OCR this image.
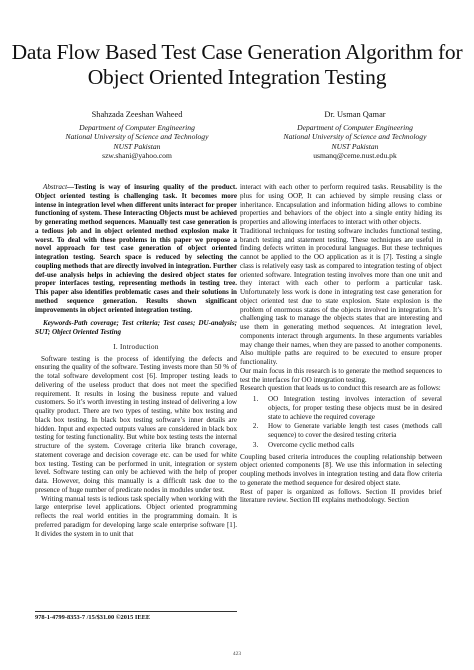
Data Flow Based Test Case Generation Algorithm for Object Oriented Integration Testing
Shahzada Zeeshan Waheed
Department of Computer Engineering
National University of Science and Technology
NUST Pakistan
szw.shani@yahoo.com
Dr. Usman Qamar
Department of Computer Engineering
National University of Science and Technology
NUST Pakistan
usmanq@ceme.nust.edu.pk

Abstract—Testing is way of insuring quality of the product. Object oriented testing is challenging task. It becomes more intense in integration level when different units interact for proper functioning of system. These Interacting Objects must be achieved by generating method sequences. Manually test case generation is a tedious job and in object oriented method explosion make it worst. To deal with these problems in this paper we propose a novel approach for test case generation of object oriented integration testing. Search space is reduced by selecting the coupling methods that are directly involved in integration. Further def-use analysis helps in achieving the desired object states for proper interfaces testing, representing methods in testing tree. This paper also identifies problematic cases and their solutions in method sequence generation. Results shown significant improvements in object oriented integration testing.

Keywords-Path coverage; Test criteria; Test cases; DU-analysis; SUT; Object Oriented Testing

I. Introduction

Software testing is the process of identifying the defects and ensuring the quality of the software. Testing invests more than 50 % of the total software development cost [6]. Improper testing leads to delivering of the useless product that does not meet the specified requirement. It results in losing the business repute and valued customers. So it’s worth investing in testing instead of delivering a low quality product. There are two types of testing, white box testing and black box testing. In black box testing software’s inner details are hidden. Input and expected outputs values are considered in black box testing for testing functionality. But white box testing tests the internal structure of the system. Coverage criteria like branch coverage, statement coverage and decision coverage etc. can be used for white box testing. Testing can be performed in unit, integration or system level. Software testing can only be achieved with the help of proper data. However, doing this manually is a difficult task due to the presence of huge number of predicate nodes in modules under test.

Writing manual tests is tedious task specially when working with the large enterprise level applications. Object oriented programming reflects the real world entities in the programming domain. It is preferred paradigm for developing large scale enterprise software [1]. It divides the system in to unit that

interact with each other to perform required tasks. Reusability is the plus for using OOP, It can achieved by simple reusing class or inheritance. Encapsulation and information hiding allows to combine properties and behaviors of the object into a single entity hiding its properties and allowing interfaces to interact with other objects.

Traditional techniques for testing software includes functional testing, branch testing and statement testing. These techniques are useful in finding defects written in procedural languages. But these techniques cannot be applied to the OO application as it is [7]. Testing a single class is relatively easy task as compared to integration testing of object oriented software. Integration testing involves more than one unit and they interact with each other to perform a particular task. Unfortunately less work is done in integrating test case generation for object oriented test due to state explosion. State explosion is the problem of enormous states of the objects involved in integration. It’s challenging task to manage the objects states that are interesting and use them in generating method sequences. At integration level, components interact through arguments. In these arguments variables may change their names, when they are passed to another components. Also multiple paths are required to be executed to ensure proper functionality.

Our main focus in this research is to generate the method sequences to test the interfaces for OO integration testing.

Research question that leads us to conduct this research are as follows:

1. OO Integration testing involves interaction of several objects, for proper testing these objects must be in desired state to achieve the required coverage
2. How to Generate variable length test cases (methods call sequence) to cover the desired testing criteria
3. Overcome cyclic method calls

Coupling based criteria introduces the coupling relationship between object oriented components [8]. We use this information in selecting coupling methods involves in integration testing and data flow criteria to generate the method sequence for desired object state.

Rest of paper is organized as follows. Section II provides brief literature review. Section III explains methodology. Section

978-1-4799-8353-7 /15/$31.00 ©2015 IEEE
423
